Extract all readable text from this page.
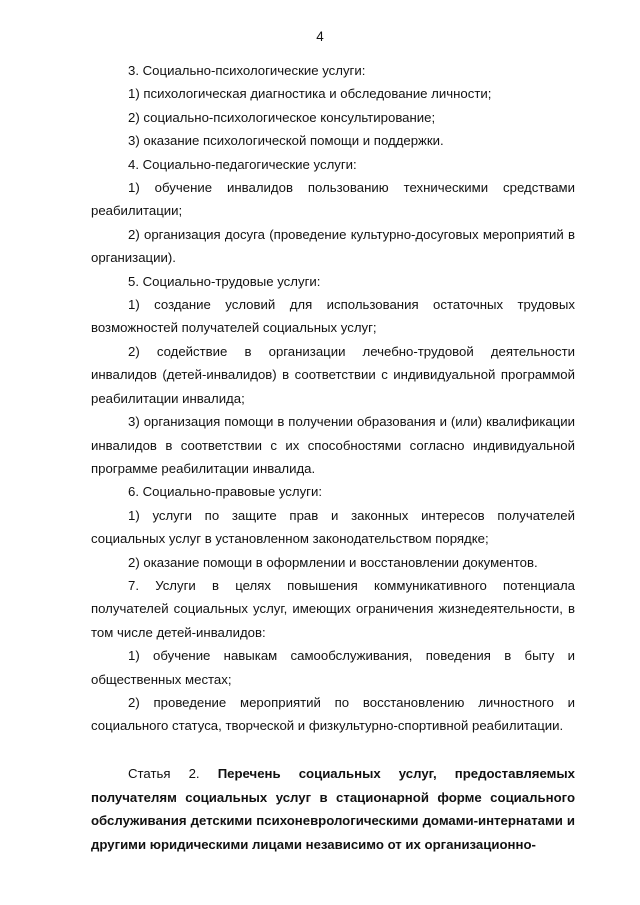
4

3. Социально-психологические услуги:

1) психологическая диагностика и обследование личности;

2) социально-психологическое консультирование;

3) оказание психологической помощи и поддержки.

4. Социально-педагогические услуги:

1) обучение инвалидов пользованию техническими средствами реабилитации;

2) организация досуга (проведение культурно-досуговых мероприятий в организации).

5. Социально-трудовые услуги:

1) создание условий для использования остаточных трудовых возможностей получателей социальных услуг;

2) содействие в организации лечебно-трудовой деятельности инвалидов (детей-инвалидов) в соответствии с индивидуальной программой реабилитации инвалида;

3) организация помощи в получении образования и (или) квалификации инвалидов в соответствии с их способностями согласно индивидуальной программе реабилитации инвалида.

6. Социально-правовые услуги:

1) услуги по защите прав и законных интересов получателей социальных услуг в установленном законодательством порядке;

2) оказание помощи в оформлении и восстановлении документов.

7. Услуги в целях повышения коммуникативного потенциала получателей социальных услуг, имеющих ограничения жизнедеятельности, в том числе детей-инвалидов:

1) обучение навыкам самообслуживания, поведения в быту и общественных местах;

2) проведение мероприятий по восстановлению личностного и социального статуса, творческой и физкультурно-спортивной реабилитации.

Статья 2. Перечень социальных услуг, предоставляемых получателям социальных услуг в стационарной форме социального обслуживания детскими психоневрологическими домами-интернатами и другими юридическими лицами независимо от их организационно-
